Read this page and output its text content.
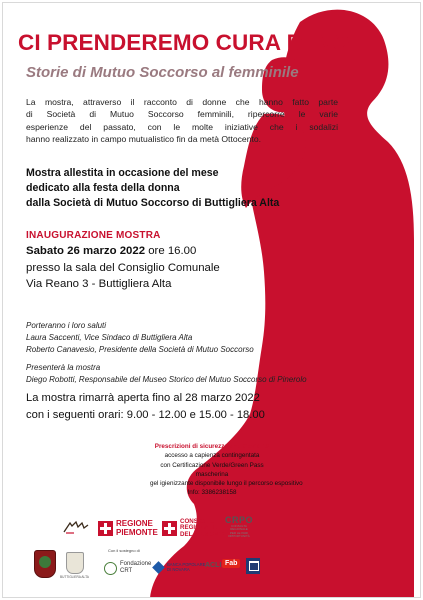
CI PRENDEREMO CURA DI NOI
Storie di Mutuo Soccorso al femminile
La mostra, attraverso il racconto di donne che hanno fatto parte
di Società di Mutuo Soccorso femminili, ripercorre le varie
esperienze del passato, con le molte iniziative che i sodalizi
hanno realizzato in campo mutualistico fin da metà Ottocento.
Mostra allestita in occasione del mese
dedicato alla festa della donna
dalla Società di Mutuo Soccorso di Buttigliera Alta
INAUGURAZIONE MOSTRA
Sabato 26 marzo 2022 ore 16.00
presso la sala del Consiglio Comunale
Via Reano 3 - Buttigliera Alta
Porteranno i loro saluti
Laura Saccenti, Vice Sindaco di Buttigliera Alta
Roberto Canavesio, Presidente della Società di Mutuo Soccorso
Presenterà la mostra
Diego Robotti, Responsabile del Museo Storico del Mutuo Soccorso di Pinerolo
La mostra rimarrà aperta fino al 28 marzo 2022
con i seguenti orari: 9.00 - 12.00 e 15.00 - 18.00
Prescrizioni di sicurezza anti Covid-19
accesso a capienza contingentata
con Certificazione Verde/Green Pass
mascherina
gel igienizzante disponibile lungo il percorso espositivo
Info: 3386238158
REGIONE
PIEMONTE
CONSIGLIO
REGIONALE
DEL PIEMONTE
CRPO
CONSULTA REGIONALE
PER LE PARI OPPORTUNITÀ
BUTTIGLIERA ALTA
Con il sostegno di
Fondazione
CRT
BANCA POPOLARE
DI NOVARA
ACLI Fab
